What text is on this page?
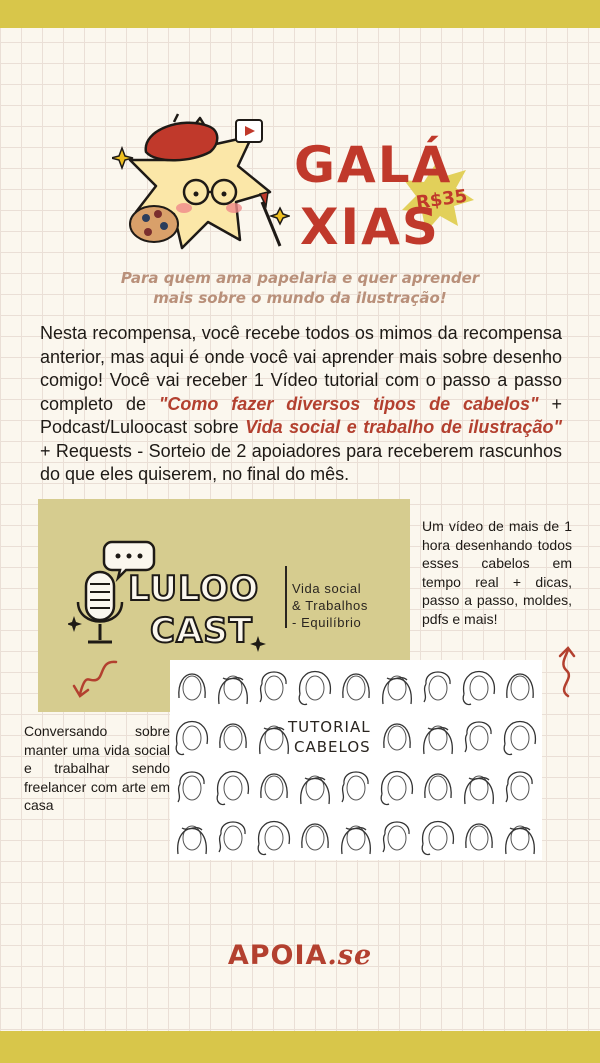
GALÁ
XIAS
R$35
Para quem ama papelaria e quer aprender
mais sobre o mundo da ilustração!

Nesta recompensa, você recebe todos os mimos da recompensa anterior, mas aqui é onde você vai aprender mais sobre desenho comigo! Você vai receber 1 Vídeo tutorial com o passo a passo completo de "Como fazer diversos tipos de cabelos" + Podcast/Luloocast sobre Vida social e trabalho de ilustração" + Requests - Sorteio de 2 apoiadores para receberem rascunhos do que eles quiserem, no final do mês.

LULOO
CAST
Vida social
& Trabalhos
- Equilíbrio

Um vídeo de mais de 1 hora desenhando todos esses cabelos em tempo real + dicas, passo a passo, moldes, pdfs e mais!

Conversando sobre manter uma vida social e trabalhar sendo freelancer com arte em casa

TUTORIAL
CABELOS
APOIA.se
